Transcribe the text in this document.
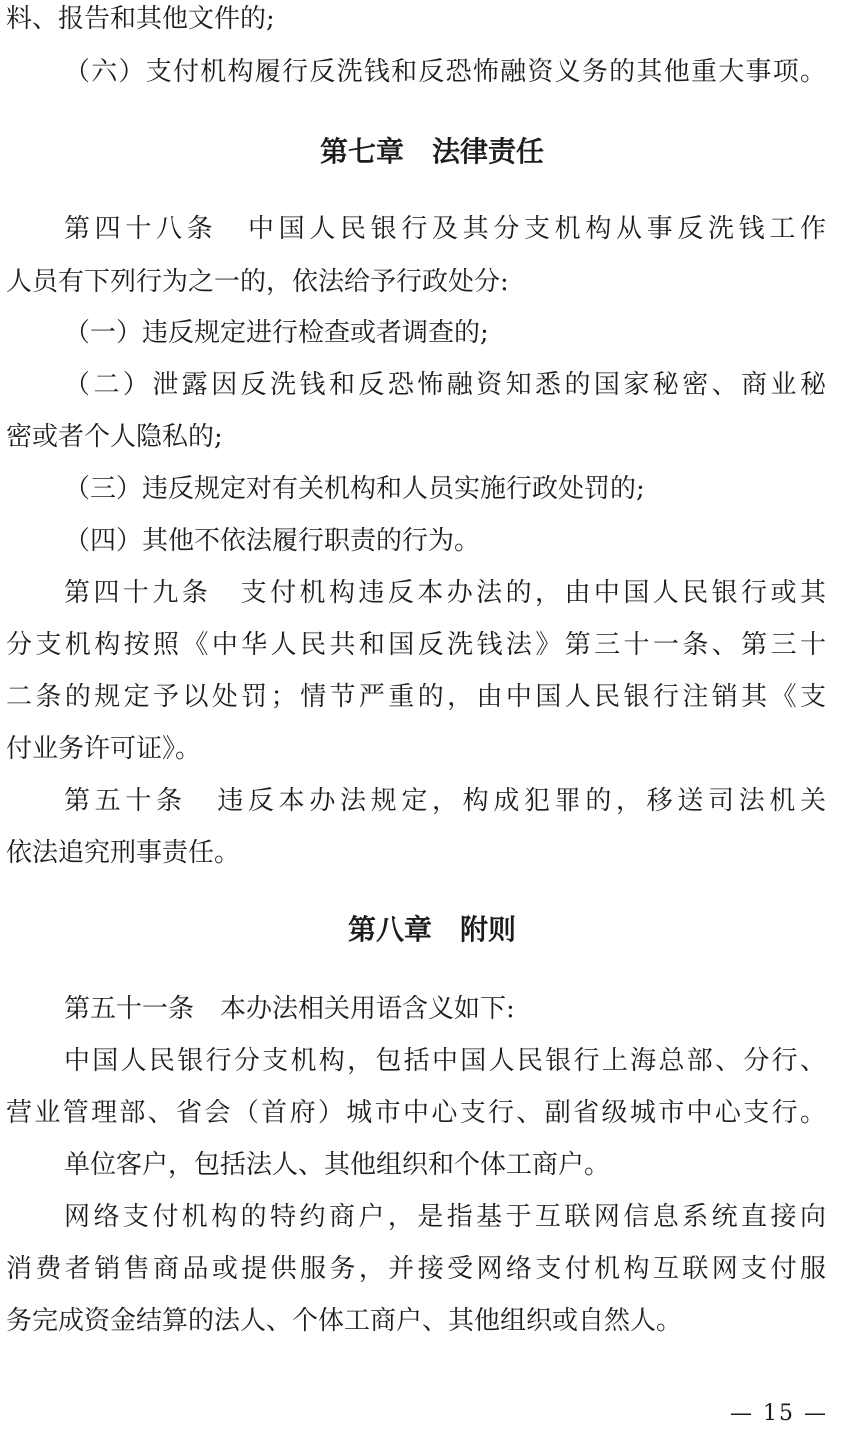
料、报告和其他文件的;
（六）支付机构履行反洗钱和反恐怖融资义务的其他重大事项。
第七章　法律责任
第四十八条　中国人民银行及其分支机构从事反洗钱工作
人员有下列行为之一的，依法给予行政处分:
（一）违反规定进行检查或者调查的;
（二）泄露因反洗钱和反恐怖融资知悉的国家秘密、商业秘
密或者个人隐私的;
（三）违反规定对有关机构和人员实施行政处罚的;
（四）其他不依法履行职责的行为。
第四十九条　支付机构违反本办法的，由中国人民银行或其
分支机构按照《中华人民共和国反洗钱法》第三十一条、第三十
二条的规定予以处罚；情节严重的，由中国人民银行注销其《支
付业务许可证》。
第五十条　违反本办法规定，构成犯罪的，移送司法机关
依法追究刑事责任。
第八章　附则
第五十一条　本办法相关用语含义如下:
中国人民银行分支机构，包括中国人民银行上海总部、分行、
营业管理部、省会（首府）城市中心支行、副省级城市中心支行。
单位客户，包括法人、其他组织和个体工商户。
网络支付机构的特约商户，是指基于互联网信息系统直接向
消费者销售商品或提供服务，并接受网络支付机构互联网支付服
务完成资金结算的法人、个体工商户、其他组织或自然人。
— 15 —
